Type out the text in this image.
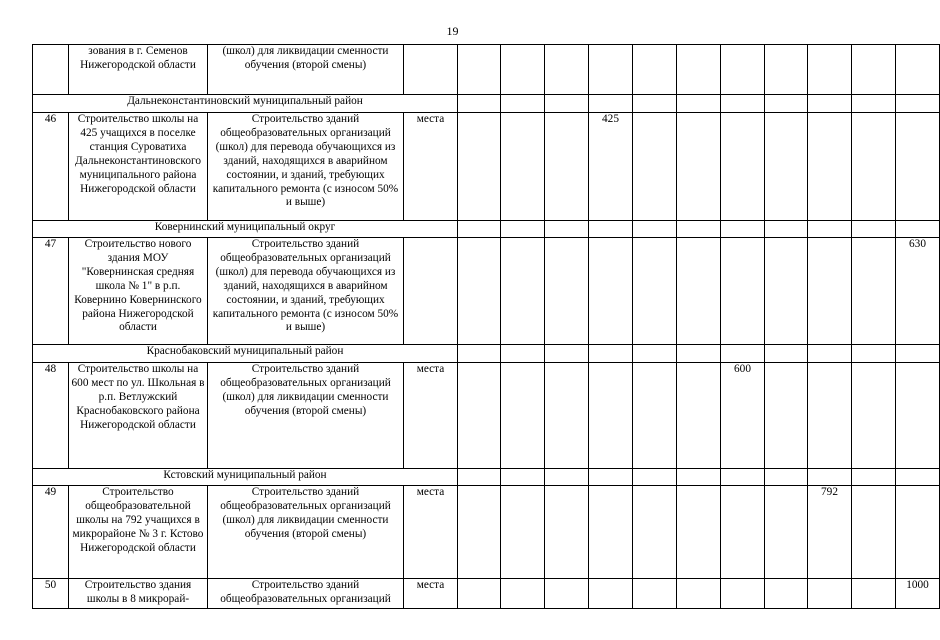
19
	зования в г. Семенов Нижегородской области	(школ) для ликвидации сменности обучения (второй смены)												
Дальнеконстантиновский муниципальный район														
46	Строительство школы на 425 учащихся в поселке станция Суроватиха Дальнеконстантиновского муниципального района Нижегородской области	Строительство зданий общеобразовательных организаций (школ) для перевода обучающихся из зданий, находящихся в аварийном состоянии, и зданий, требующих капитального ремонта (с износом 50% и выше)	места				425							
Ковернинский муниципальный округ														
47	Строительство нового здания МОУ "Ковернинская средняя школа № 1" в р.п. Ковернино Ковернинского района Нижегородской области	Строительство зданий общеобразовательных организаций (школ) для перевода обучающихся из зданий, находящихся в аварийном состоянии, и зданий, требующих капитального ремонта (с износом 50% и выше)												630
Краснобаковский муниципальный район														
48	Строительство школы на 600 мест по ул. Школьная в р.п. Ветлужский Краснобаковского района Нижегородской области	Строительство зданий общеобразовательных организаций (школ) для ликвидации сменности обучения (второй смены)	места							600				
Кстовский муниципальный район														
49	Строительство общеобразовательной школы на 792 учащихся в микрорайоне № 3 г. Кстово Нижегородской области	Строительство зданий общеобразовательных организаций (школ) для ликвидации сменности обучения (второй смены)	места									792		
50	Строительство здания школы в 8 микрорай-	Строительство зданий общеобразовательных организаций	места											1000
